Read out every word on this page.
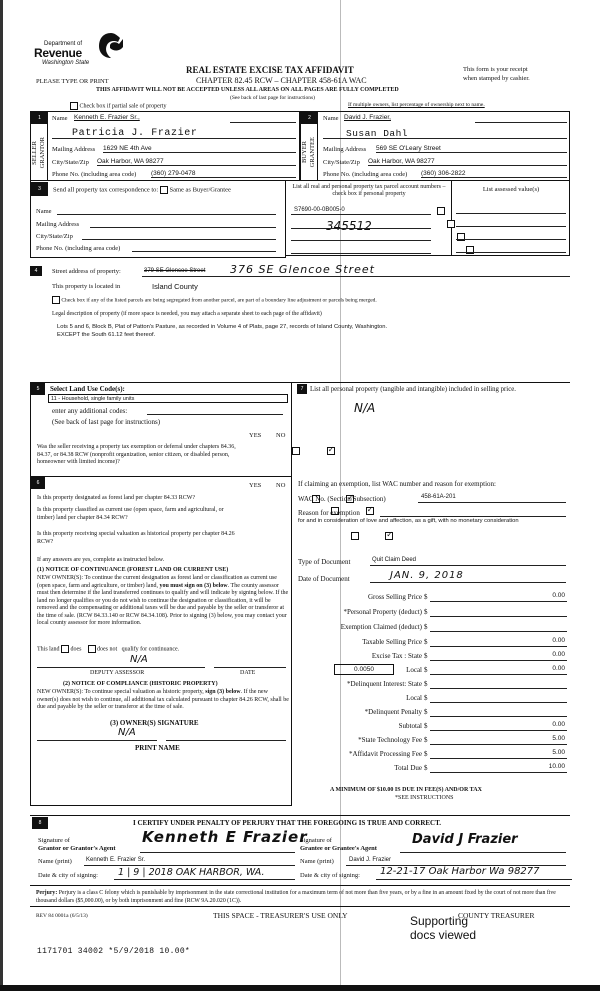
Department of
Revenue
Washington State
PLEASE TYPE OR PRINT
REAL ESTATE EXCISE TAX AFFIDAVIT
CHAPTER 82.45 RCW – CHAPTER 458-61A WAC
THIS AFFIDAVIT WILL NOT BE ACCEPTED UNLESS ALL AREAS ON ALL PAGES ARE FULLY COMPLETED
(See back of last page for instructions)
This form is your receipt
when stamped by cashier.
Check box if partial sale of property	If multiple owners, list percentage of ownership next to name.
1
SELLER GRANTOR
Name Kenneth E. Frazier Sr.,
Patricia J. Frazier
Mailing Address 1629 NE 4th Ave
City/State/Zip Oak Harbor, WA 98277
Phone No. (including area code) (360) 279-0478
2
BUYER GRANTEE
Name David J. Frazier,
Susan Dahl
Mailing Address 569 SE O'Leary Street
City/State/Zip Oak Harbor, WA 98277
Phone No. (including area code) (360) 306-2822
3	Send all property tax correspondence to: Same as Buyer/Grantee
Name
Mailing Address
City/State/Zip
Phone No. (including area code)
List all real and personal property tax parcel account numbers – check box if personal property
List assessed value(s)
S7690-00-0B005-0

345512

4	Street address of property:	379 SE Glencoe Street 376 SE Glencoe Street
This property is located in	Island County
Check box if any of the listed parcels are being segregated from another parcel, are part of a boundary line adjustment or parcels being merged.
Legal description of property (if more space is needed, you may attach a separate sheet to each page of the affidavit)
Lots 5 and 6, Block B, Plat of Patton's Pasture, as recorded in Volume 4 of Plats, page 27, records of Island County, Washington.
EXCEPT the South 61.12 feet thereof.
5	Select Land Use Code(s):
11 - Household, single family units
enter any additional codes:
(See back of last page for instructions)
YES NO
Was the seller receiving a property tax exemption or deferral under chapters 84.36, 84.37, or 84.38 RCW (nonprofit organization, senior citizen, or disabled person, homeowner with limited income)?
✓
6	YES NO
Is this property designated as forest land per chapter 84.33 RCW?
✓
Is this property classified as current use (open space, farm and agricultural, or timber) land per chapter 84.34 RCW?
✓
Is this property receiving special valuation as historical property per chapter 84.26 RCW?
✓
If any answers are yes, complete as instructed below.
(1) NOTICE OF CONTINUANCE (FOREST LAND OR CURRENT USE)
NEW OWNER(S): To continue the current designation as forest land or classification as current use (open space, farm and agriculture, or timber) land, you must sign on (3) below. The county assessor must then determine if the land transferred continues to qualify and will indicate by signing below. If the land no longer qualifies or you do not wish to continue the designation or classification, it will be removed and the compensating or additional taxes will be due and payable by the seller or transferor at the time of sale. (RCW 84.33.140 or RCW 84.34.108). Prior to signing (3) below, you may contact your local county assessor for more information.
This land does	does not qualify for continuance.
N/A
DEPUTY ASSESSOR	DATE
(2) NOTICE OF COMPLIANCE (HISTORIC PROPERTY)
NEW OWNER(S): To continue special valuation as historic property, sign (3) below. If the new owner(s) does not wish to continue, all additional tax calculated pursuant to chapter 84.26 RCW, shall be due and payable by the seller or transferor at the time of sale.
(3) OWNER(S) SIGNATURE
N/A
PRINT NAME
7 List all personal property (tangible and intangible) included in selling price.
N/A
If claiming an exemption, list WAC number and reason for exemption:
WAC No. (Section/Subsection)	458-61A-201
Reason for exemption
for and in consideration of love and affection, as a gift, with no monetary consideration
Type of Document	Quit Claim Deed
Date of Document	JAN. 9, 2018
Gross Selling Price $	0.00
*Personal Property (deduct) $
Exemption Claimed (deduct) $
Taxable Selling Price $	0.00
Excise Tax : State $	0.00
Local $	0.00
*Delinquent Interest: State $
Local $
*Delinquent Penalty $
Subtotal $	0.00
*State Technology Fee $	5.00
*Affidavit Processing Fee $	5.00
Total Due $	10.00
0.0050
A MINIMUM OF $10.00 IS DUE IN FEE(S) AND/OR TAX
*SEE INSTRUCTIONS
8	I CERTIFY UNDER PENALTY OF PERJURY THAT THE FOREGOING IS TRUE AND CORRECT.
Signature of
Grantor or Grantor's Agent
Kenneth E Frazier
Name (print) Kenneth E. Frazier Sr.
Date & city of signing: 1 | 9 | 2018 OAK HARBOR, WA.
Signature of
Grantee or Grantee's Agent
David J Frazier
Name (print)	David J. Frazier
Date & city of signing: 12-21-17 Oak Harbor Wa 98277
Perjury: Perjury is a class C felony which is punishable by imprisonment in the state correctional institution for a maximum term of not more than five years, or by a fine in an amount fixed by the court of not more than five thousand dollars ($5,000.00), or by both imprisonment and fine (RCW 9A.20.020 (1C)).
REV 84 0001a (6/5/13)	THIS SPACE - TREASURER'S USE ONLY	COUNTY TREASURER
Supporting
docs viewed
1171701 34002 *5/9/2018 10.00*
